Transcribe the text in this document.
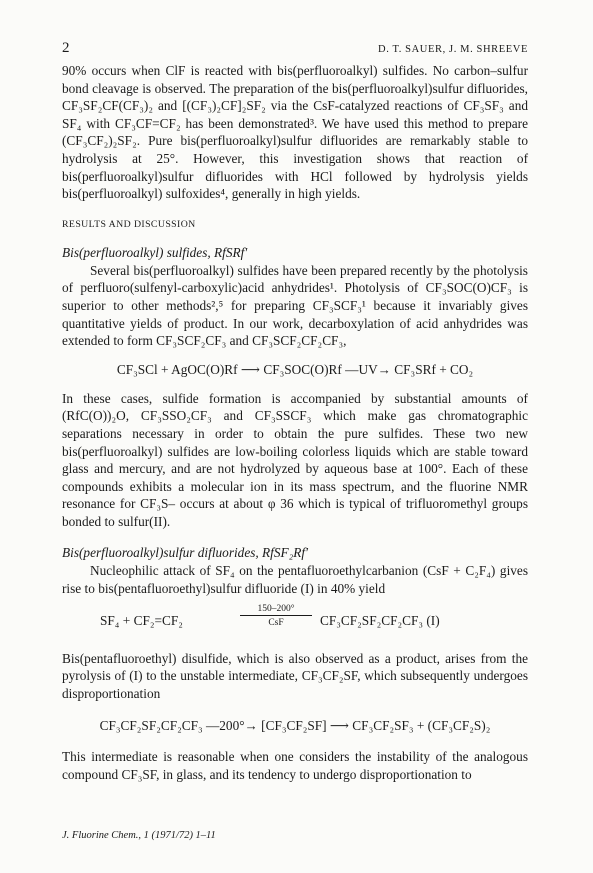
2	D. T. SAUER, J. M. SHREEVE

90% occurs when ClF is reacted with bis(perfluoroalkyl) sulfides. No carbon–sulfur bond cleavage is observed. The preparation of the bis(perfluoroalkyl)sulfur difluorides, CF₃SF₂CF(CF₃)₂ and [(CF₃)₂CF]₂SF₂ via the CsF-catalyzed reactions of CF₃SF₃ and SF₄ with CF₃CF=CF₂ has been demonstrated³. We have used this method to prepare (CF₃CF₂)₂SF₂. Pure bis(perfluoroalkyl)sulfur difluorides are remarkably stable to hydrolysis at 25°. However, this investigation shows that reaction of bis(perfluoroalkyl)sulfur difluorides with HCl followed by hydrolysis yields bis(perfluoroalkyl) sulfoxides⁴, generally in high yields.

RESULTS AND DISCUSSION

Bis(perfluoroalkyl) sulfides, RfSRf′

Several bis(perfluoroalkyl) sulfides have been prepared recently by the photolysis of perfluoro(sulfenyl-carboxylic)acid anhydrides¹. Photolysis of CF₃SOC(O)CF₃ is superior to other methods²,⁵ for preparing CF₃SCF₃¹ because it invariably gives quantitative yields of product. In our work, decarboxylation of acid anhydrides was extended to form CF₃SCF₂CF₃ and CF₃SCF₂CF₂CF₃,

CF₃SCl + AgOC(O)Rf ⟶ CF₃SOC(O)Rf —UV→ CF₃SRf + CO₂

In these cases, sulfide formation is accompanied by substantial amounts of (RfC(O))₂O, CF₃SSO₂CF₃ and CF₃SSCF₃ which make gas chromatographic separations necessary in order to obtain the pure sulfides. These two new bis(perfluoroalkyl) sulfides are low-boiling colorless liquids which are stable toward glass and mercury, and are not hydrolyzed by aqueous base at 100°. Each of these compounds exhibits a molecular ion in its mass spectrum, and the fluorine NMR resonance for CF₃S– occurs at about φ 36 which is typical of trifluoromethyl groups bonded to sulfur(II).

Bis(perfluoroalkyl)sulfur difluorides, RfSF₂Rf′

Nucleophilic attack of SF₄ on the pentafluoroethylcarbanion (CsF + C₂F₄) gives rise to bis(pentafluoroethyl)sulfur difluoride (I) in 40% yield

SF₄ + CF₂=CF₂
150–200°
CsF	CF₃CF₂SF₂CF₂CF₃ (I)

Bis(pentafluoroethyl) disulfide, which is also observed as a product, arises from the pyrolysis of (I) to the unstable intermediate, CF₃CF₂SF, which subsequently undergoes disproportionation

CF₃CF₂SF₂CF₂CF₃ —200°→ [CF₃CF₂SF] ⟶ CF₃CF₂SF₃ + (CF₃CF₂S)₂

This intermediate is reasonable when one considers the instability of the analogous compound CF₃SF, in glass, and its tendency to undergo disproportionation to

J. Fluorine Chem., 1 (1971/72) 1–11
